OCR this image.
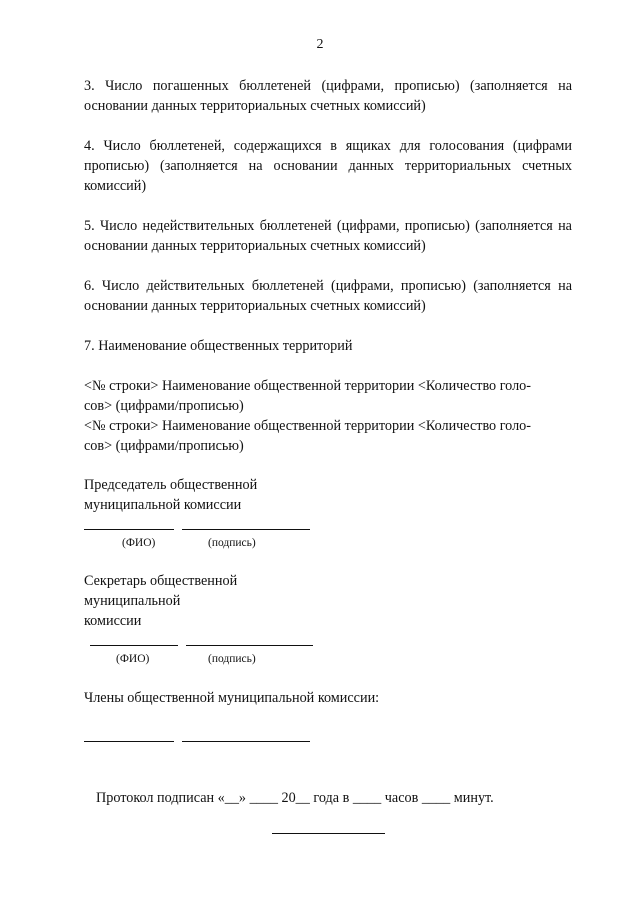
2

3. Число погашенных бюллетеней (цифрами, прописью) (заполняется на основании данных территориальных счетных комиссий)

4. Число бюллетеней, содержащихся в ящиках для голосования (цифрами прописью) (заполняется на основании данных территориальных счетных комиссий)

5. Число недействительных бюллетеней (цифрами, прописью) (заполняется на основании данных территориальных счетных комиссий)

6. Число действительных бюллетеней (цифрами, прописью) (заполняется на основании данных территориальных счетных комиссий)

7. Наименование общественных территорий

<№ строки> Наименование общественной территории <Количество голо-
сов> (цифрами/прописью)
<№ строки> Наименование общественной территории <Количество голо-
сов> (цифрами/прописью)
Председатель общественной
муниципальной комиссии
(ФИО)	(подпись)
Секретарь общественной
муниципальной
комиссии
(ФИО)	(подпись)
Члены общественной муниципальной комиссии:
Протокол подписан «__» ____ 20__ года в ____ часов ____ минут.
